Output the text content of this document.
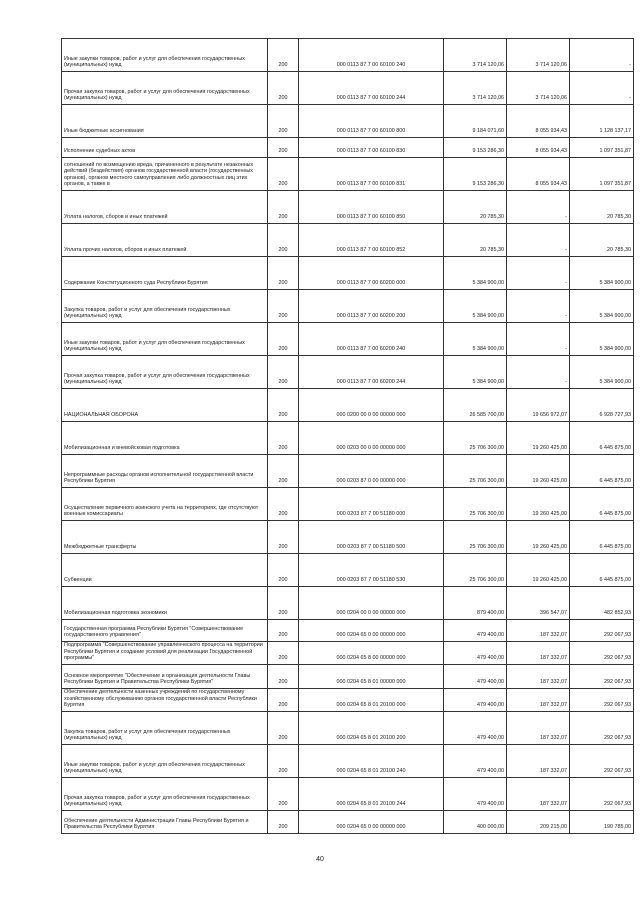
Иные закупки товаров, работ и услуг для обеспечения государственных (муниципальных) нужд	200	000 0113 87 7 00 60100 240	3 714 120,06	3 714 120,06	-
Прочая закупка товаров, работ и услуг для обеспечения государственных (муниципальных) нужд	200	000 0113 87 7 00 60100 244	3 714 120,06	3 714 120,06	-
Иные бюджетные ассигнования	200	000 0113 87 7 00 60100 800	9 184 071,60	8 055 934,43	1 128 137,17
Исполнение судебных актов	200	000 0113 87 7 00 60100 830	9 153 286,30	8 055 934,43	1 097 351,87
сотношений по возмещению вреда, причиненного в результате незаконных действий (бездействия) органов государственной власти (государственных органов), органов местного самоуправления либо должностных лиц этих органов, а также в	200	000 0113 87 7 00 60100 831	9 153 286,30	8 055 934,43	1 097 351,87
Уплата налогов, сборов и иных платежей	200	000 0113 87 7 00 60100 850	20 785,30	-	20 785,30
Уплата прочих налогов, сборов и иных платежей	200	000 0113 87 7 00 60100 852	20 785,30	-	20 785,30
Содержание Конституционного суда Республики Бурятия	200	000 0113 87 7 00 60200 000	5 384 900,00	-	5 384 900,00
Закупка товаров, работ и услуг для обеспечения государственных (муниципальных) нужд	200	000 0113 87 7 00 60200 200	5 384 900,00	-	5 384 900,00
Иные закупки товаров, работ и услуг для обеспечения государственных (муниципальных) нужд	200	000 0113 87 7 00 60200 240	5 384 900,00	-	5 384 900,00
Прочая закупка товаров, работ и услуг для обеспечения государственных (муниципальных) нужд	200	000 0113 87 7 00 60200 244	5 384 900,00	-	5 384 900,00
НАЦИОНАЛЬНАЯ ОБОРОНА	200	000 0200 00 0 00 00000 000	26 585 700,00	19 656 972,07	6 928 727,93
Мобилизационная и вневойсковая подготовка	200	000 0203 00 0 00 00000 000	25 706 300,00	19 260 425,00	6 445 875,00
Непрограммные расходы органов исполнительной государственной власти Республики Бурятия	200	000 0203 87 0 00 00000 000	25 706 300,00	19 260 425,00	6 445 875,00
Осуществление первичного воинского учета на территориях, где отсутствуют военные комиссариаты	200	000 0203 87 7 00 51180 000	25 706 300,00	19 260 425,00	6 445 875,00
Межбюджетные трансферты	200	000 0203 87 7 00 51180 500	25 706 300,00	19 260 425,00	6 445 875,00
Субвенции	200	000 0203 87 7 00 51180 530	25 706 300,00	19 260 425,00	6 445 875,00
Мобилизационная подготовка экономики	200	000 0204 00 0 00 00000 000	879 400,00	396 547,07	482 852,93
Государственная программа Республики Бурятия "Совершенствование государственного управления"	200	000 0204 65 0 00 00000 000	479 400,00	187 332,07	292 067,93
Подпрограмма "Совершенствование управленческого процесса на территории Республики Бурятия и создание условий для реализации Государственной программы"	200	000 0204 65 8 00 00000 000	479 400,00	187 332,07	292 067,93
Основное мероприятие "Обеспечение и организация деятельности Главы Республики Бурятия и Правительства Республики Бурятия"	200	000 0204 65 8 01 00000 000	479 400,00	187 332,07	292 067,93
Обеспечение деятельности казенных учреждений по государственному хозяйственному обслуживанию органов государственной власти Республики Бурятия	200	000 0204 65 8 01 20100 000	479 400,00	187 332,07	292 067,93
Закупка товаров, работ и услуг для обеспечения государственных (муниципальных) нужд	200	000 0204 65 8 01 20100 200	479 400,00	187 332,07	292 067,93
Иные закупки товаров, работ и услуг для обеспечения государственных (муниципальных) нужд	200	000 0204 65 8 01 20100 240	479 400,00	187 332,07	292 067,93
Прочая закупка товаров, работ и услуг для обеспечения государственных (муниципальных) нужд	200	000 0204 65 8 01 20100 244	479 400,00	187 332,07	292 067,93
Обеспечение деятельности Администрации Главы Республики Бурятия и Правительства Республики Бурятия	200	000 0204 65 0 00 00000 000	400 000,00	209 215,00	190 785,00
40
